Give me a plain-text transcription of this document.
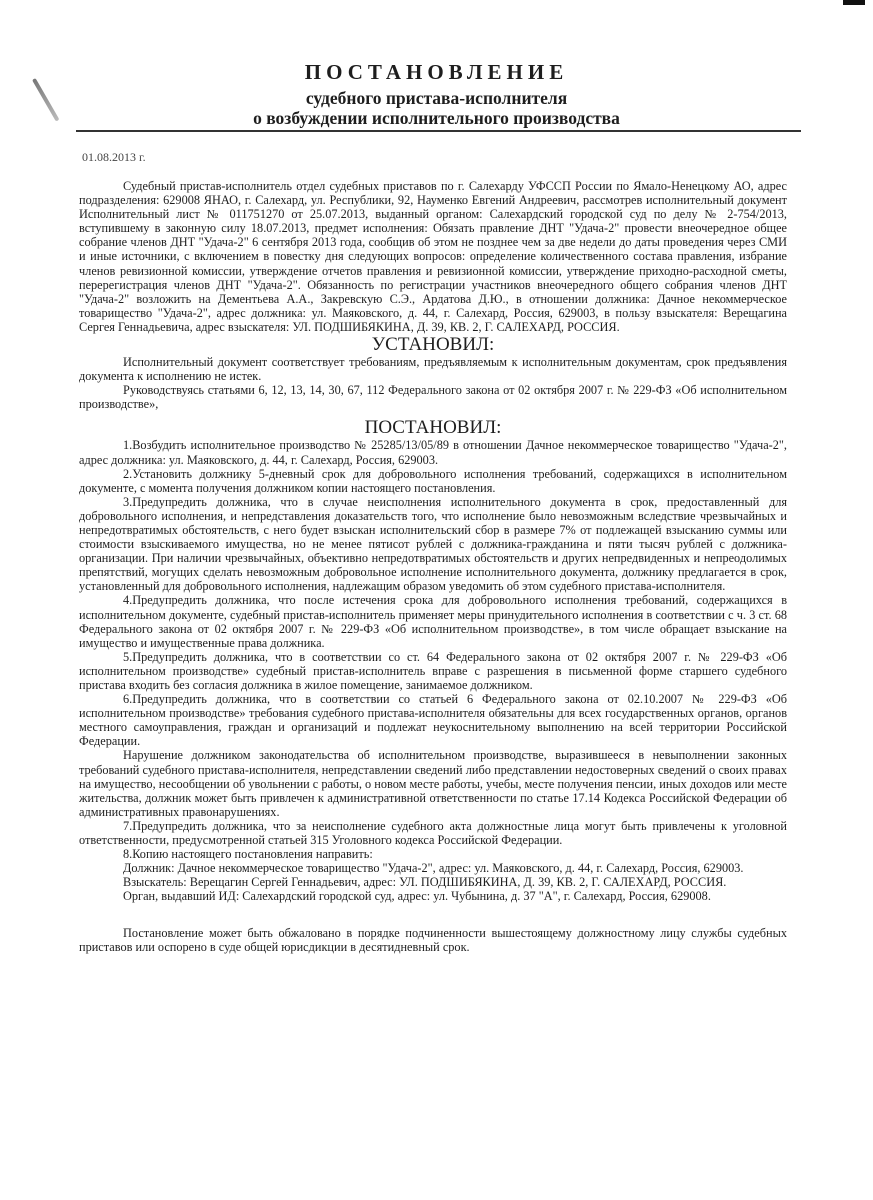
ПОСТАНОВЛЕНИЕ
судебного пристава-исполнителя
о возбуждении исполнительного производства
01.08.2013 г.

Судебный пристав-исполнитель отдел судебных приставов по г. Салехарду УФССП России по Ямало-Ненецкому АО, адрес подразделения: 629008 ЯНАО, г. Салехард, ул. Республики, 92, Науменко Евгений Андреевич, рассмотрев исполнительный документ Исполнительный лист № 011751270 от 25.07.2013, выданный органом: Салехардский городской суд по делу № 2-754/2013, вступившему в законную силу 18.07.2013, предмет исполнения: Обязать правление ДНТ "Удача-2" провести внеочередное общее собрание членов ДНТ "Удача-2" 6 сентября 2013 года, сообщив об этом не позднее чем за две недели до даты проведения через СМИ и иные источники, с включением в повестку дня следующих вопросов: определение количественного состава правления, избрание членов ревизионной комиссии, утверждение отчетов правления и ревизионной комиссии, утверждение приходно-расходной сметы, перерегистрация членов ДНТ "Удача-2". Обязанность по регистрации участников внеочередного общего собрания членов ДНТ "Удача-2" возложить на Дементьева А.А., Закревскую С.Э., Ардатова Д.Ю., в отношении должника: Дачное некоммерческое товарищество "Удача-2", адрес должника: ул. Маяковского, д. 44, г. Салехард, Россия, 629003, в пользу взыскателя: Верещагина Сергея Геннадьевича, адрес взыскателя: УЛ. ПОДШИБЯКИНА, Д. 39, КВ. 2, Г. САЛЕХАРД, РОССИЯ.

УСТАНОВИЛ:

Исполнительный документ соответствует требованиям, предъявляемым к исполнительным документам, срок предъявления документа к исполнению не истек.

Руководствуясь статьями 6, 12, 13, 14, 30, 67, 112 Федерального закона от 02 октября 2007 г. № 229-ФЗ «Об исполнительном производстве»,

ПОСТАНОВИЛ:

1.Возбудить исполнительное производство № 25285/13/05/89 в отношении Дачное некоммерческое товарищество "Удача-2", адрес должника: ул. Маяковского, д. 44, г. Салехард, Россия, 629003.

2.Установить должнику 5-дневный срок для добровольного исполнения требований, содержащихся в исполнительном документе, с момента получения должником копии настоящего постановления.

3.Предупредить должника, что в случае неисполнения исполнительного документа в срок, предоставленный для добровольного исполнения, и непредставления доказательств того, что исполнение было невозможным вследствие чрезвычайных и непредотвратимых обстоятельств, с него будет взыскан исполнительский сбор в размере 7% от подлежащей взысканию суммы или стоимости взыскиваемого имущества, но не менее пятисот рублей с должника-гражданина и пяти тысяч рублей с должника-организации. При наличии чрезвычайных, объективно непредотвратимых обстоятельств и других непредвиденных и непреодолимых препятствий, могущих сделать невозможным добровольное исполнение исполнительного документа, должнику предлагается в срок, установленный для добровольного исполнения, надлежащим образом уведомить об этом судебного пристава-исполнителя.

4.Предупредить должника, что после истечения срока для добровольного исполнения требований, содержащихся в исполнительном документе, судебный пристав-исполнитель применяет меры принудительного исполнения в соответствии с ч. 3 ст. 68 Федерального закона от 02 октября 2007 г. № 229-ФЗ «Об исполнительном производстве», в том числе обращает взыскание на имущество и имущественные права должника.

5.Предупредить должника, что в соответствии со ст. 64 Федерального закона от 02 октября 2007 г. № 229-ФЗ «Об исполнительном производстве» судебный пристав-исполнитель вправе с разрешения в письменной форме старшего судебного пристава входить без согласия должника в жилое помещение, занимаемое должником.

6.Предупредить должника, что в соответствии со статьей 6 Федерального закона от 02.10.2007 № 229-ФЗ «Об исполнительном производстве» требования судебного пристава-исполнителя обязательны для всех государственных органов, органов местного самоуправления, граждан и организаций и подлежат неукоснительному выполнению на всей территории Российской Федерации.

Нарушение должником законодательства об исполнительном производстве, выразившееся в невыполнении законных требований судебного пристава-исполнителя, непредставлении сведений либо представлении недостоверных сведений о своих правах на имущество, несообщении об увольнении с работы, о новом месте работы, учебы, месте получения пенсии, иных доходов или месте жительства, должник может быть привлечен к административной ответственности по статье 17.14 Кодекса Российской Федерации об административных правонарушениях.

7.Предупредить должника, что за неисполнение судебного акта должностные лица могут быть привлечены к уголовной ответственности, предусмотренной статьей 315 Уголовного кодекса Российской Федерации.

8.Копию настоящего постановления направить:

Должник: Дачное некоммерческое товарищество "Удача-2", адрес: ул. Маяковского, д. 44, г. Салехард, Россия, 629003.

Взыскатель: Верещагин Сергей Геннадьевич, адрес: УЛ. ПОДШИБЯКИНА, Д. 39, КВ. 2, Г. САЛЕХАРД, РОССИЯ.

Орган, выдавший ИД: Салехардский городской суд, адрес: ул. Чубынина, д. 37 "А", г. Салехард, Россия, 629008.

Постановление может быть обжаловано в порядке подчиненности вышестоящему должностному лицу службы судебных приставов или оспорено в суде общей юрисдикции в десятидневный срок.
